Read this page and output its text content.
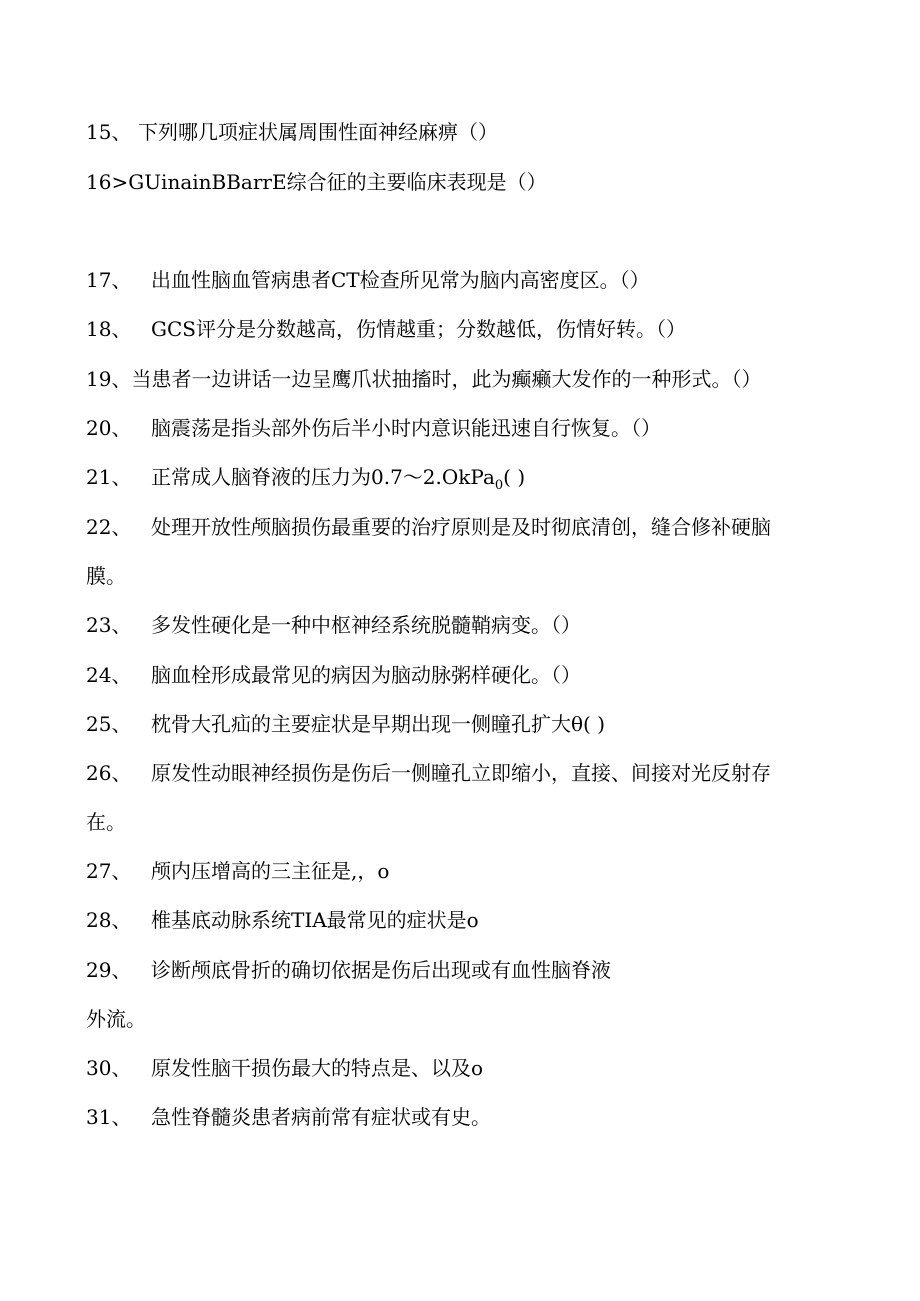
15、 下列哪几项症状属周围性面神经麻痹（）
16>GUinainBBarrE综合征的主要临床表现是（）
17、 出血性脑血管病患者CT检查所见常为脑内高密度区。（）
18、 GCS评分是分数越高，伤情越重；分数越低，伤情好转。（）
19、当患者一边讲话一边呈鹰爪状抽搐时，此为癫癞大发作的一种形式。（）
20、 脑震荡是指头部外伤后半小时内意识能迅速自行恢复。（）
21、 正常成人脑脊液的压力为0.7～2.OkPa$_0$( )
22、 处理开放性颅脑损伤最重要的治疗原则是及时彻底清创，缝合修补硬脑
膜。
23、 多发性硬化是一种中枢神经系统脱髓鞘病变。（）
24、 脑血栓形成最常见的病因为脑动脉粥样硬化。（）
25、 枕骨大孔疝的主要症状是早期出现一侧瞳孔扩大θ( )
26、 原发性动眼神经损伤是伤后一侧瞳孔立即缩小，直接、间接对光反射存
在。
27、 颅内压增高的三主征是,，o
28、 椎基底动脉系统TIA最常见的症状是o
29、 诊断颅底骨折的确切依据是伤后出现或有血性脑脊液
外流。
30、 原发性脑干损伤最大的特点是、以及o
31、 急性脊髓炎患者病前常有症状或有史。
